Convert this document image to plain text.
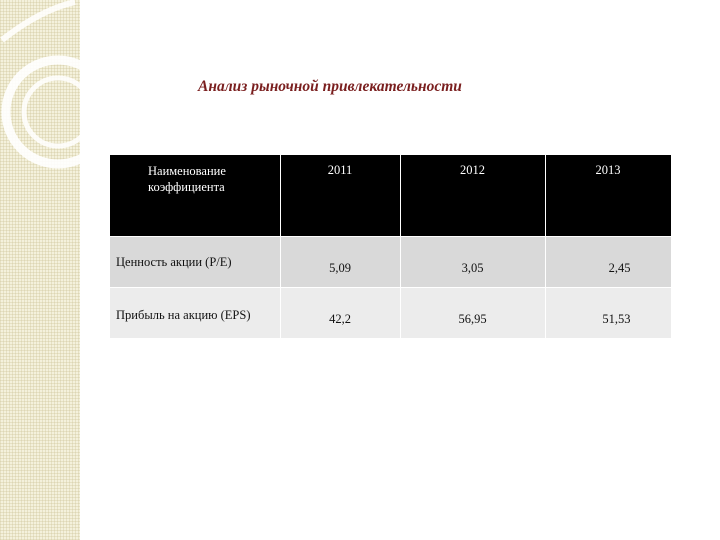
Анализ рыночной привлекательности
Наименование коэффициента	2011	2012	2013
Ценность акции (P/E)	5,09	3,05	2,45
Прибыль на акцию (EPS)	42,2	56,95	51,53
